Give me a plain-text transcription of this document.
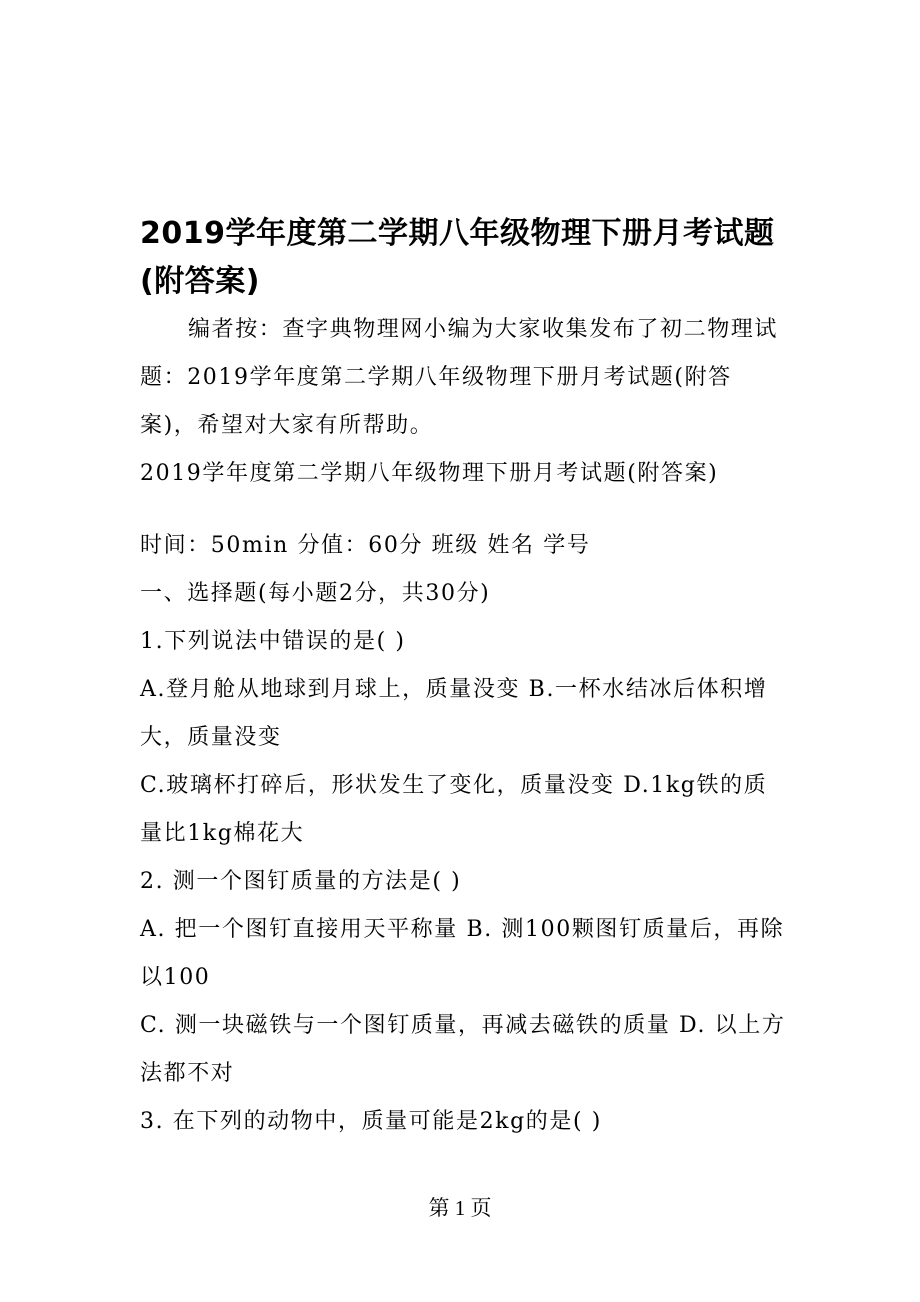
2019学年度第二学期八年级物理下册月考试题(附答案)

编者按：查字典物理网小编为大家收集发布了初二物理试题：2019学年度第二学期八年级物理下册月考试题(附答案)，希望对大家有所帮助。

2019学年度第二学期八年级物理下册月考试题(附答案)

时间：50min 分值：60分 班级 姓名 学号

一、选择题(每小题2分，共30分)

1.下列说法中错误的是( )

A.登月舱从地球到月球上，质量没变 B.一杯水结冰后体积增大，质量没变

C.玻璃杯打碎后，形状发生了变化，质量没变 D.1kg铁的质量比1kg棉花大

2. 测一个图钉质量的方法是( )

A. 把一个图钉直接用天平称量 B. 测100颗图钉质量后，再除以100

C. 测一块磁铁与一个图钉质量，再减去磁铁的质量 D. 以上方法都不对

3. 在下列的动物中，质量可能是2kg的是( )

第 1 页
